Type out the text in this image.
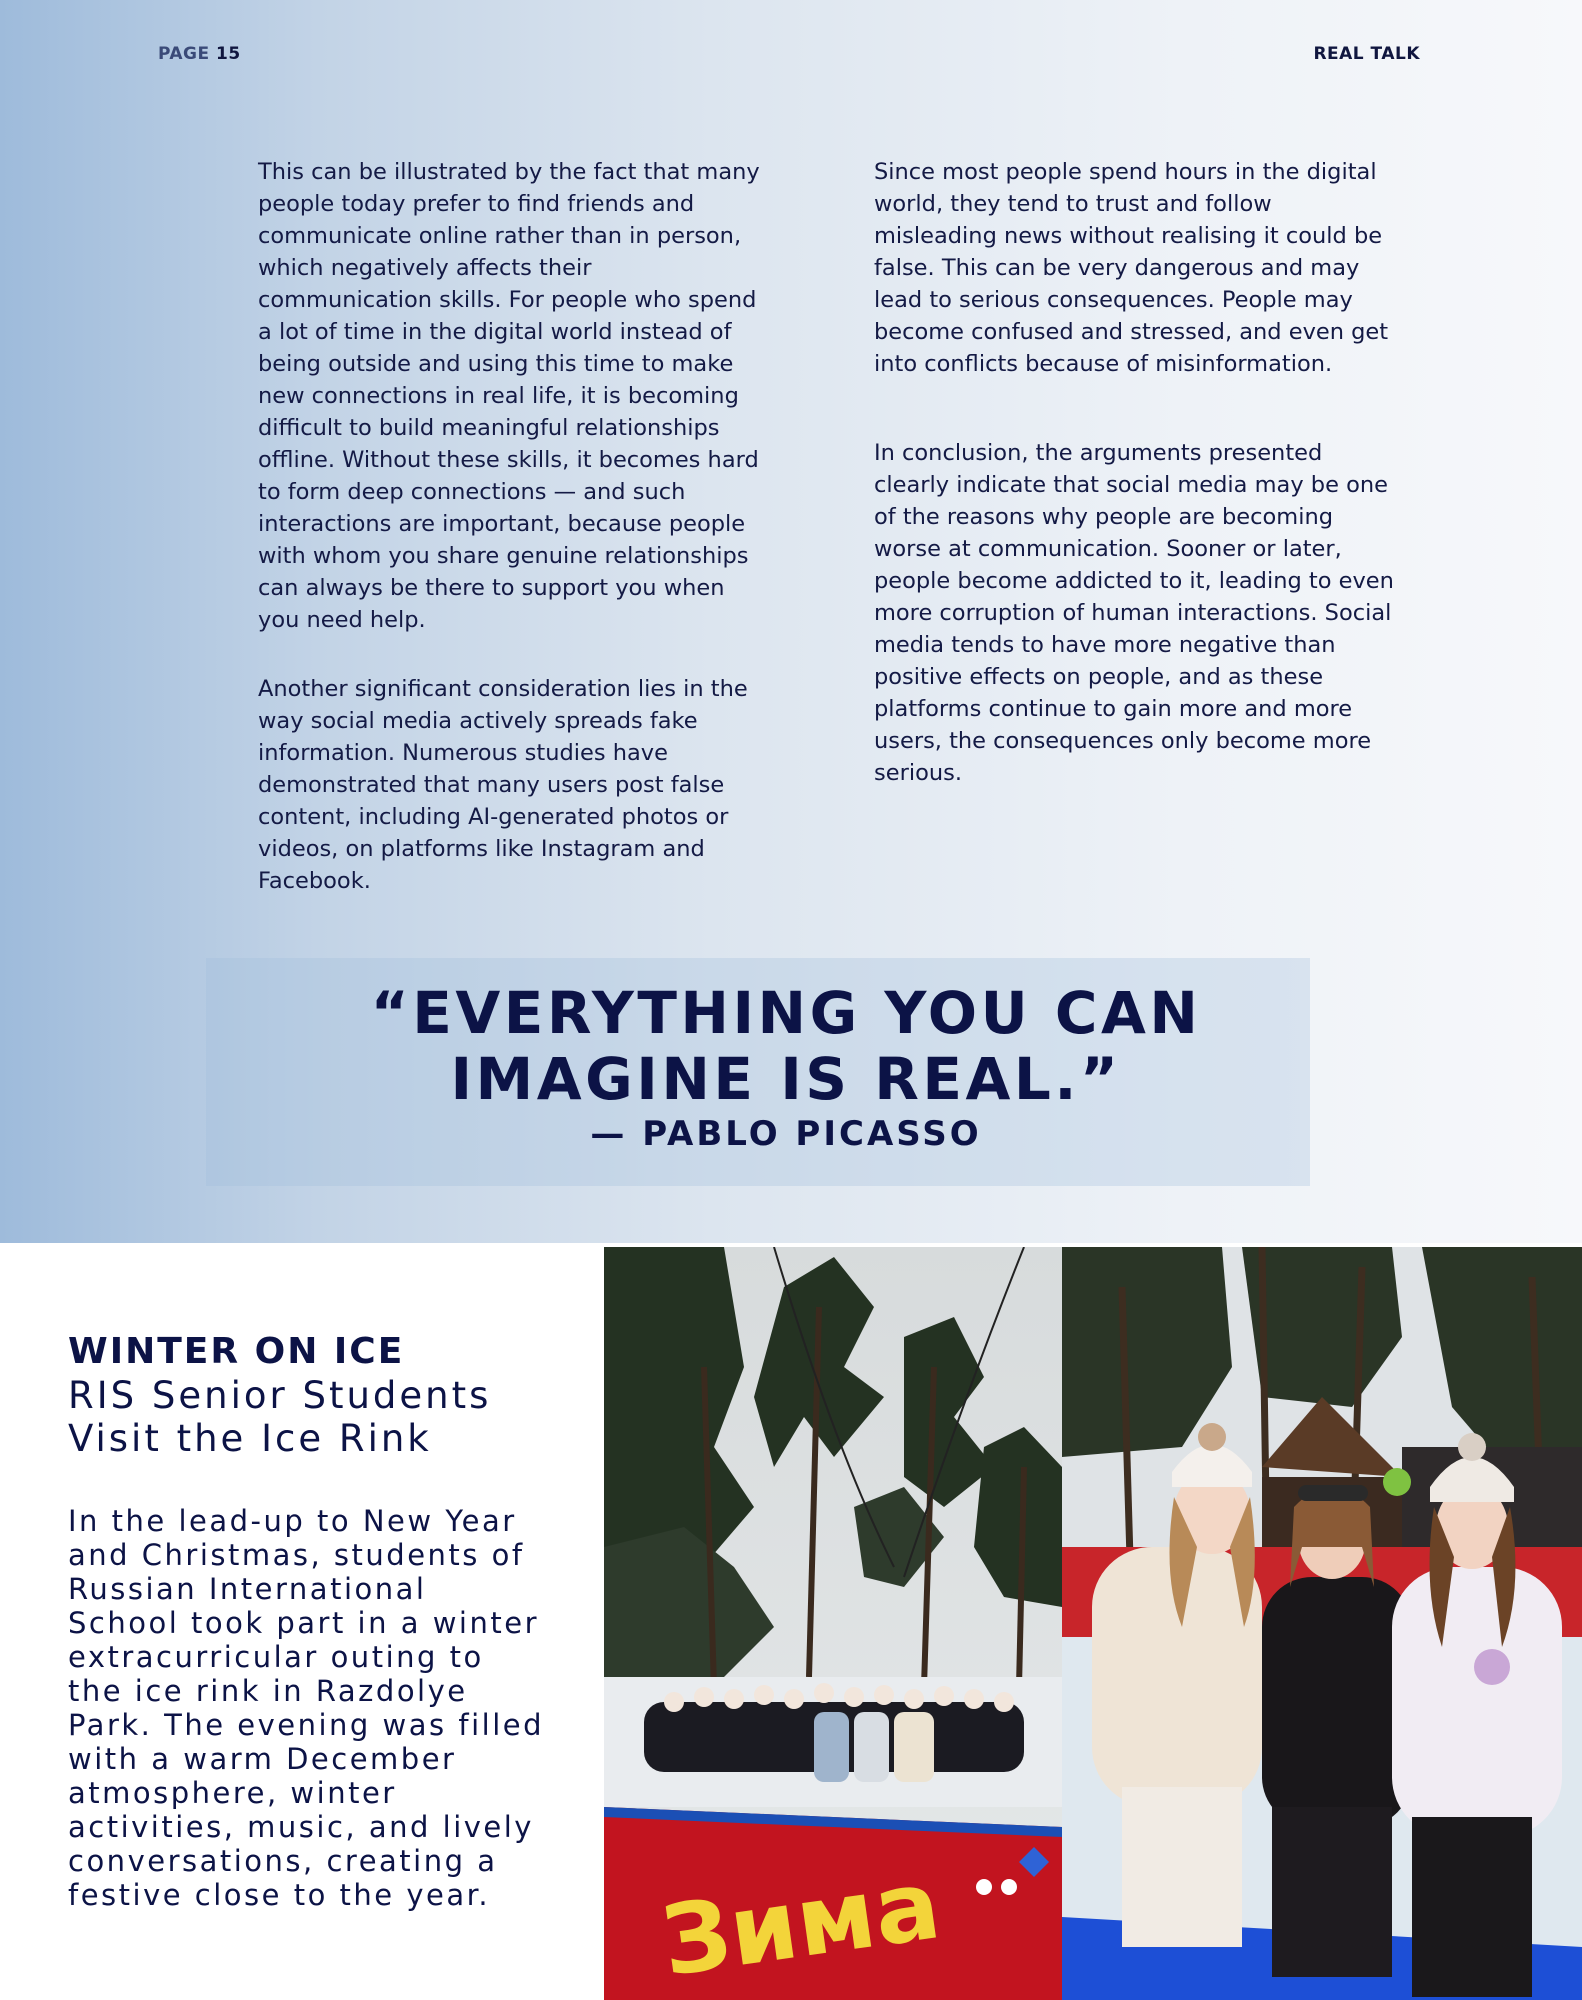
PAGE 15	REAL TALK

This can be illustrated by the fact that many
people today prefer to find friends and
communicate online rather than in person,
which negatively affects their
communication skills. For people who spend
a lot of time in the digital world instead of
being outside and using this time to make
new connections in real life, it is becoming
difficult to build meaningful relationships
offline. Without these skills, it becomes hard
to form deep connections — and such
interactions are important, because people
with whom you share genuine relationships
can always be there to support you when
you need help.

Another significant consideration lies in the
way social media actively spreads fake
information. Numerous studies have
demonstrated that many users post false
content, including AI-generated photos or
videos, on platforms like Instagram and
Facebook.

Since most people spend hours in the digital
world, they tend to trust and follow
misleading news without realising it could be
false. This can be very dangerous and may
lead to serious consequences. People may
become confused and stressed, and even get
into conflicts because of misinformation.

In conclusion, the arguments presented
clearly indicate that social media may be one
of the reasons why people are becoming
worse at communication. Sooner or later,
people become addicted to it, leading to even
more corruption of human interactions. Social
media tends to have more negative than
positive effects on people, and as these
platforms continue to gain more and more
users, the consequences only become more
serious.

“EVERYTHING YOU CAN
IMAGINE IS REAL.”
— PABLO PICASSO
WINTER ON ICE
RIS Senior Students
Visit the Ice Rink
In the lead-up to New Year
and Christmas, students of
Russian International
School took part in a winter
extracurricular outing to
the ice rink in Razdolye
Park. The evening was filled
with a warm December
atmosphere, winter
activities, music, and lively
conversations, creating a
festive close to the year.	Зима
